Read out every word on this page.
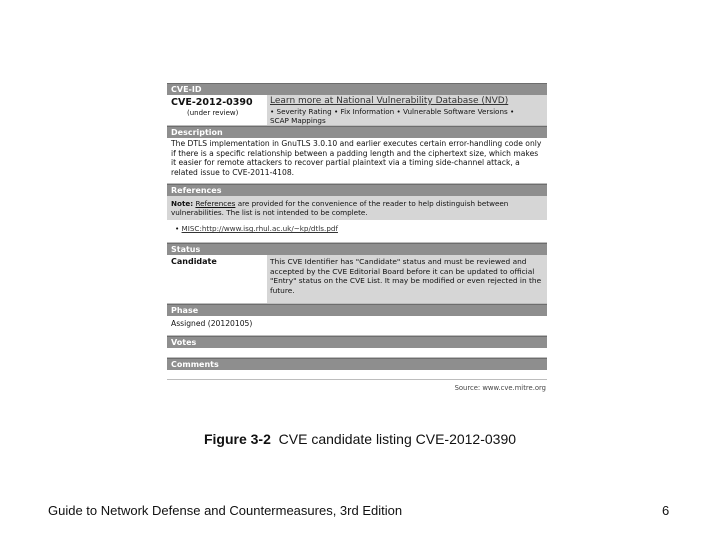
CVE-ID
CVE-2012-0390
(under review)
Learn more at National Vulnerability Database (NVD)
• Severity Rating • Fix Information • Vulnerable Software Versions •
SCAP Mappings
Description
The DTLS implementation in GnuTLS 3.0.10 and earlier executes certain error-handling code only if there is a specific relationship between a padding length and the ciphertext size, which makes it easier for remote attackers to recover partial plaintext via a timing side-channel attack, a related issue to CVE-2011-4108.
References
Note: References are provided for the convenience of the reader to help distinguish between vulnerabilities. The list is not intended to be complete.
• MISC:http://www.isg.rhul.ac.uk/~kp/dtls.pdf
Status
Candidate	This CVE Identifier has "Candidate" status and must be reviewed and accepted by the CVE Editorial Board before it can be updated to official "Entry" status on the CVE List. It may be modified or even rejected in the future.
Phase
Assigned (20120105)
Votes
Comments
Source: www.cve.mitre.org
Figure 3-2 CVE candidate listing CVE-2012-0390
Guide to Network Defense and Countermeasures, 3rd Edition	6
